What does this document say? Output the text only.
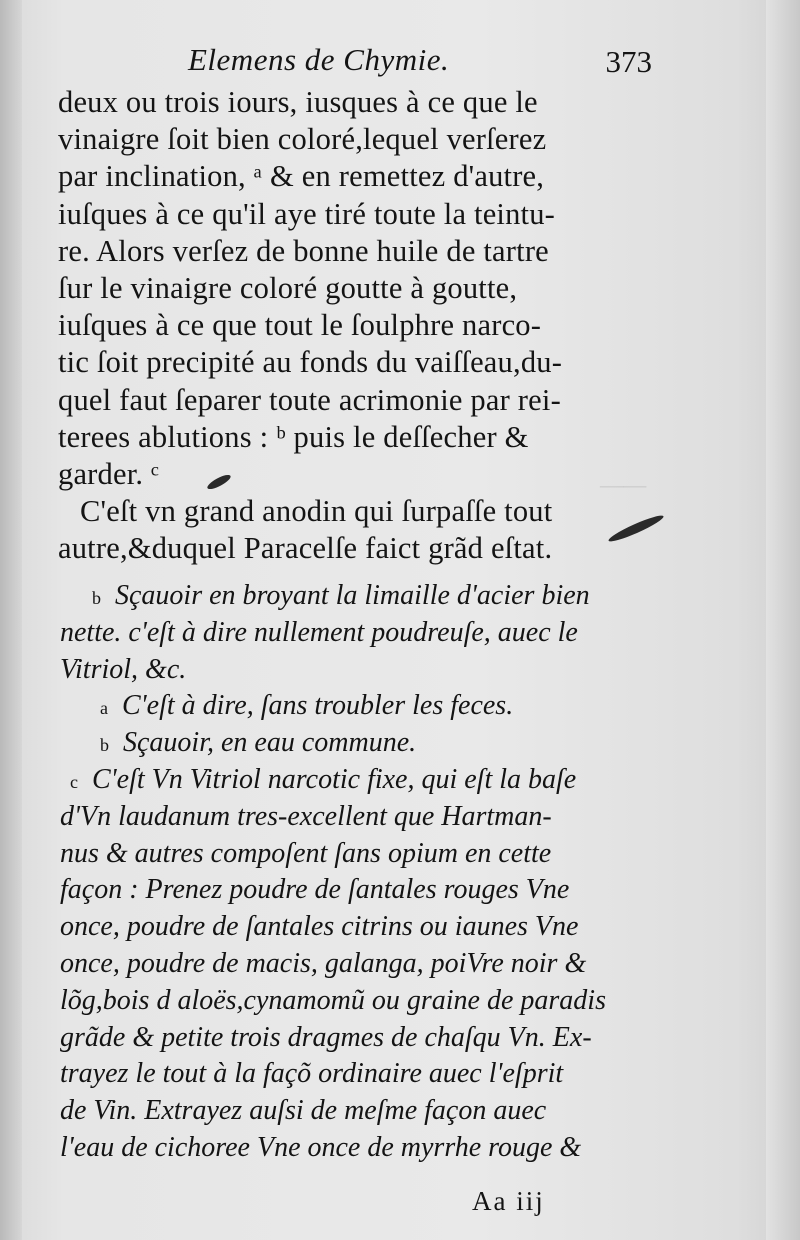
——
Elemens de Chymie.	373
deux ou trois iours, iusques à ce que le
vinaigre ſoit bien coloré,lequel verſerez
par inclination, ᵃ & en remettez d'autre,
iuſques à ce qu'il aye tiré toute la teintu-
re. Alors verſez de bonne huile de tartre
ſur le vinaigre coloré goutte à goutte,
iuſques à ce que tout le ſoulphre narco-
tic ſoit precipité au fonds du vaiſſeau,du-
quel faut ſeparer toute acrimonie par rei-
terees ablutions : ᵇ puis le deſſecher &
garder. ᶜ
C'eſt vn grand anodin qui ſurpaſſe tout
autre,&duquel Paracelſe faict grãd eſtat.
$^b$ Sçauoir en broyant la limaille d'acier bien
nette. c'eſt à dire nullement poudreuſe, auec le
Vitriol, &c.
$^a$ C'eſt à dire, ſans troubler les feces.
$^b$ Sçauoir, en eau commune.
$^c$ C'eſt Vn Vitriol narcotic fixe, qui eſt la baſe
d'Vn laudanum tres-excellent que Hartman-
nus & autres compoſent ſans opium en cette
façon : Prenez poudre de ſantales rouges Vne
once, poudre de ſantales citrins ou iaunes Vne
once, poudre de macis, galanga, poiVre noir &
lõg,bois d aloës,cynamomũ ou graine de paradis
grãde & petite trois dragmes de chaſqu Vn. Ex-
trayez le tout à la façõ ordinaire auec l'eſprit
de Vin. Extrayez auſsi de meſme façon auec
l'eau de cichoree Vne once de myrrhe rouge &
Aa iij
